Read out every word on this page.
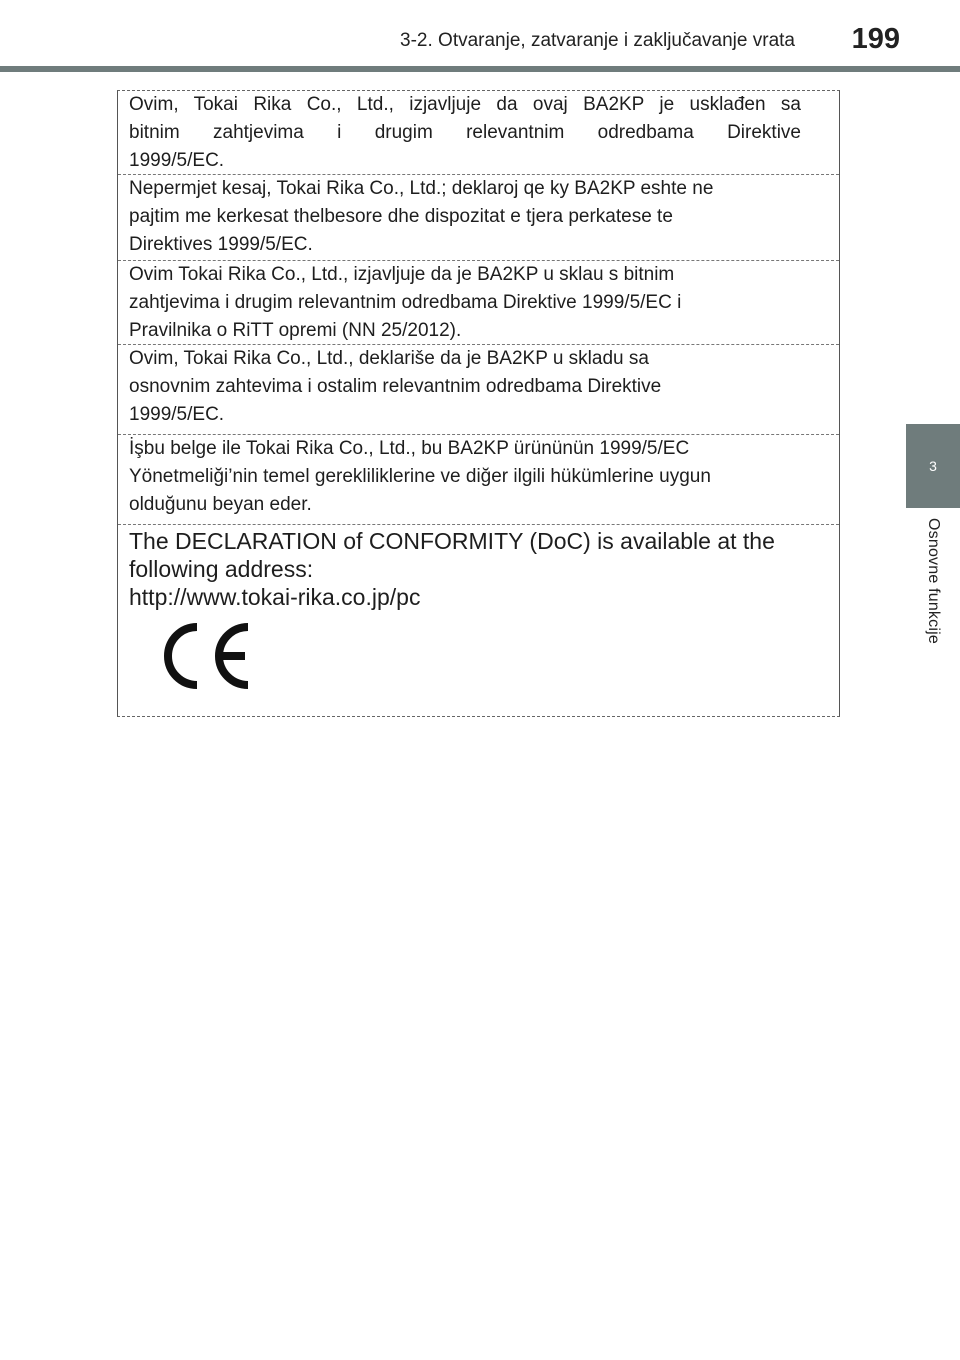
3-2. Otvaranje, zatvaranje i zaključavanje vrata	199
3
Osnovne funkcije

Ovim, Tokai Rika Co., Ltd., izjavljuje da ovaj BA2KP je usklađen sa

bitnim zahtjevima i drugim relevantnim odredbama Direktive

1999/5/EC.

Nepermjet kesaj, Tokai Rika Co., Ltd.; deklaroj qe ky BA2KP eshte ne

pajtim me kerkesat thelbesore dhe dispozitat e tjera perkatese te

Direktives 1999/5/EC.

Ovim Tokai Rika Co., Ltd., izjavljuje da je BA2KP u sklau s bitnim

zahtjevima i drugim relevantnim odredbama Direktive 1999/5/EC i

Pravilnika o RiTT opremi (NN 25/2012).

Ovim, Tokai Rika Co., Ltd., deklariše da je BA2KP u skladu sa

osnovnim zahtevima i ostalim relevantnim odredbama Direktive

1999/5/EC.

İşbu belge ile Tokai Rika Co., Ltd., bu BA2KP ürününün 1999/5/EC

Yönetmeliği’nin temel gerekliliklerine ve diğer ilgili hükümlerine uygun

olduğunu beyan eder.

The DECLARATION of CONFORMITY (DoC) is available at the

following address:

http://www.tokai-rika.co.jp/pc
